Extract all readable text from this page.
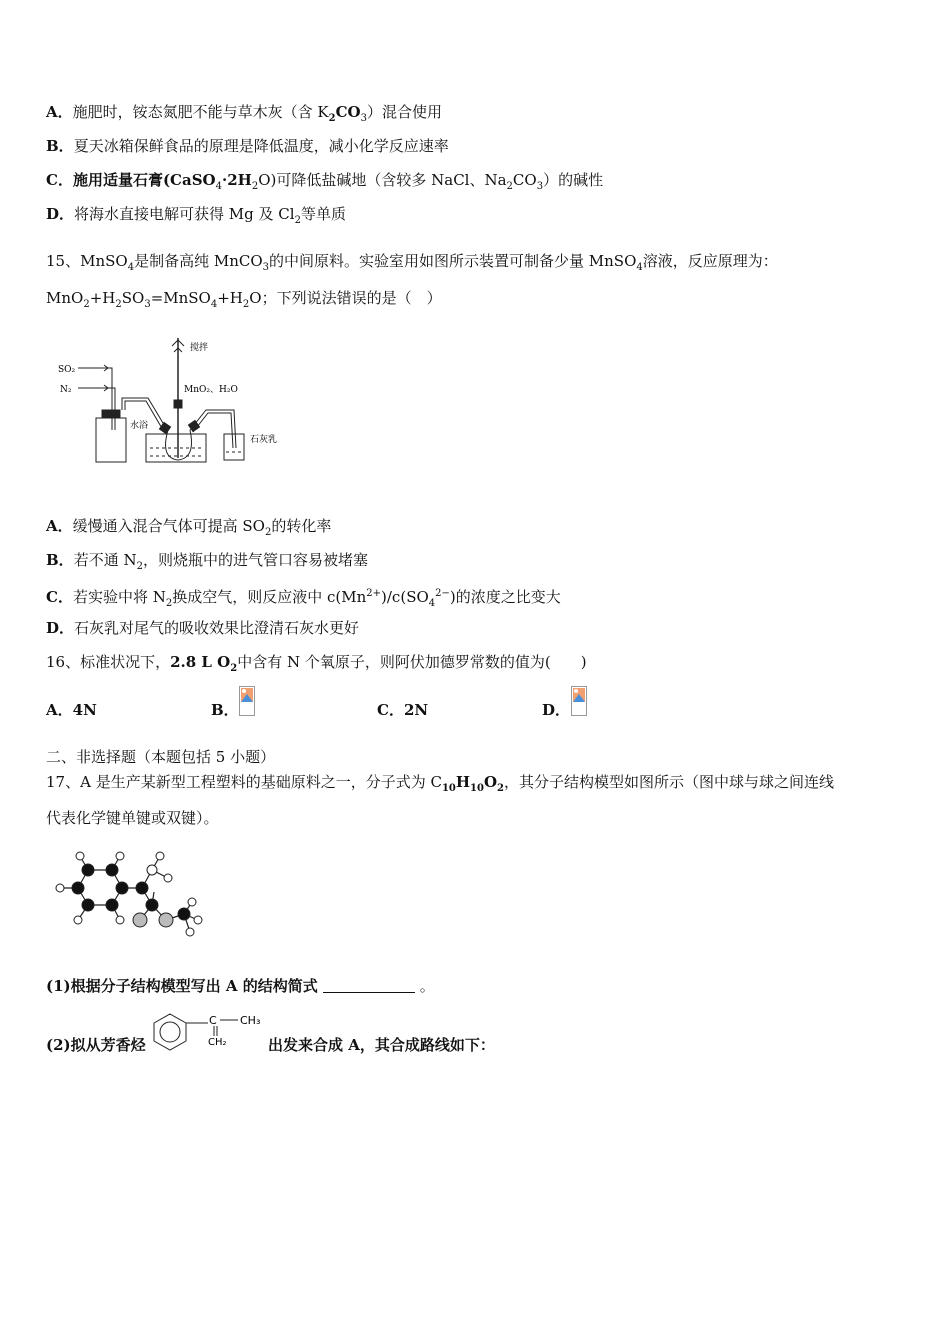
A．施肥时，铵态氮肥不能与草木灰（含 $K_2CO_3$）混合使用
B．夏天冰箱保鲜食品的原理是降低温度，减小化学反应速率
C．施用适量石膏$(CaSO_4\cdot 2H_2O)$可降低盐碱地（含较多 NaCl、$Na_2CO_3$）的碱性
D．将海水直接电解可获得 Mg 及 $Cl_2$等单质
15、MnSO$_4$是制备高纯 MnCO$_3$的中间原料。实验室用如图所示装置可制备少量 MnSO$_4$溶液，反应原理为：
$MnO_2+H_2SO_3=MnSO_4+H_2O$；下列说法错误的是（　）
SO₂
N₂
搅拌
MnO₂、H₂O
水浴
石灰乳
A．缓慢通入混合气体可提高 $SO_2$的转化率
B．若不通 $N_2$，则烧瓶中的进气管口容易被堵塞
C．若实验中将 $N_2$换成空气，则反应液中 $c(Mn^{2+})/c(SO_4^{2-})$的浓度之比变大
D．石灰乳对尾气的吸收效果比澄清石灰水更好
16、标准状况下，2.8 L $O_2$中含有 N 个氧原子，则阿伏加德罗常数的值为(　　)
A．4N	B．	C．2N	D．
二、非选择题（本题包括 5 小题）
17、A 是生产某新型工程塑料的基础原料之一，分子式为 $C_{10}H_{10}O_2$，其分子结构模型如图所示（图中球与球之间连线
代表化学键单键或双键）。
(1)根据分子结构模型写出 A 的结构简式	。
(2)拟从芳香烃
C CH₃
CH₂	出发来合成 A，其合成路线如下：
